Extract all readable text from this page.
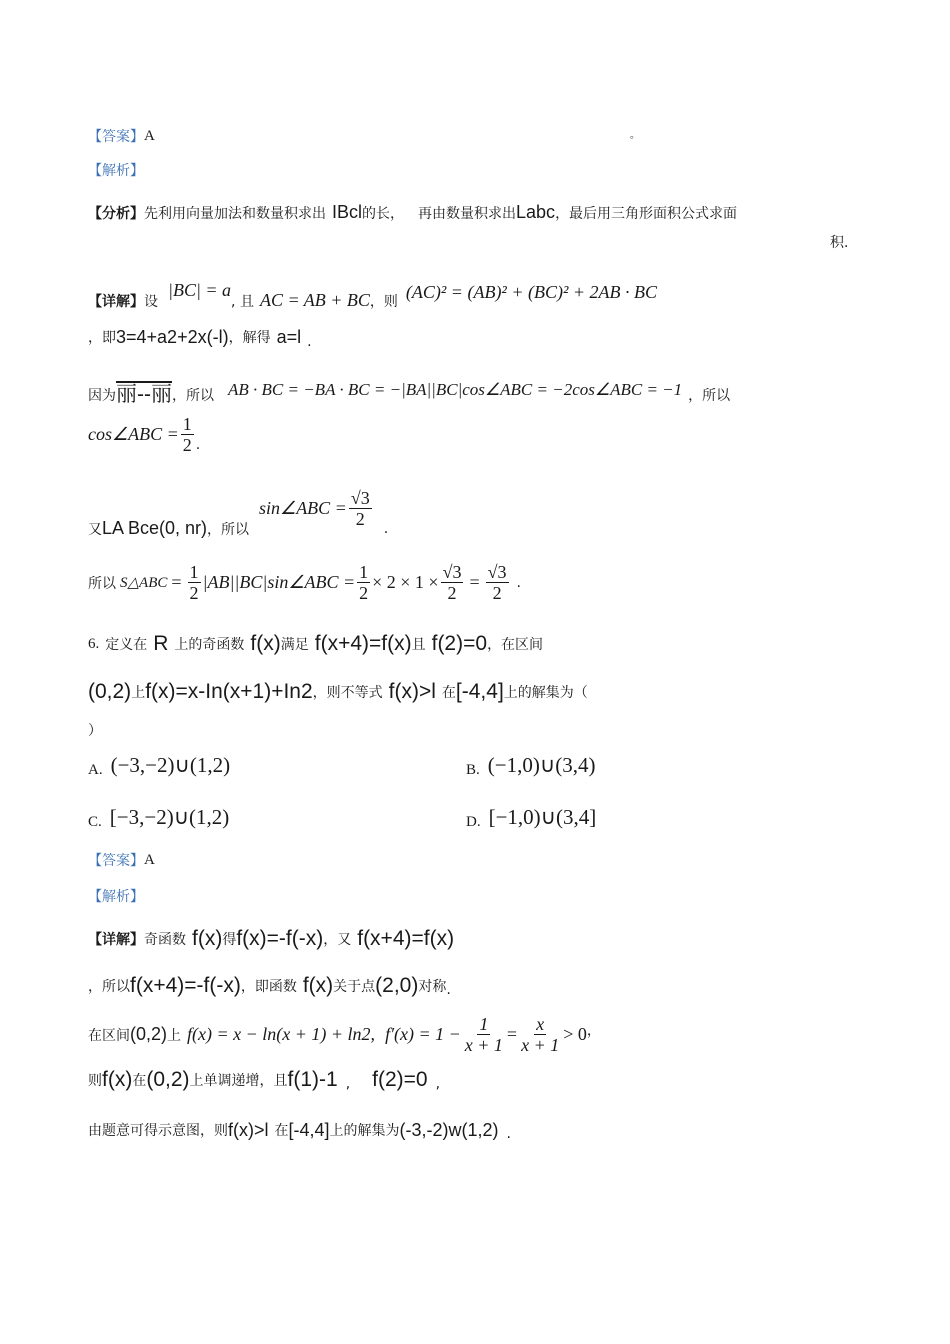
【答案】 A	。
【解析】
【分析】 先利用向量加法和数量积求出 IBcl 的长， 再由数量积求出 Labc ，最后用三角形面积公式求面
积.
【详解】 设
|BC| = a
, 且 AC = AB + BC ，则 (AC)² = (AB)² + (BC)² + 2AB · BC
，即 3=4+a2+2x(-l) ，解得 a=l .
因为 丽--丽 ，所以 AB · BC = −BA · BC = −|BA||BC|cos∠ABC = −2cos∠ABC = −1 ，所以
cos∠ABC = $\frac{1}{2}$ .
又 LA Bce(0, nr) ，所以
sin∠ABC = $\frac{√3}{2}$ .
所以 S△ABC = $\frac{1}{2}$ |AB||BC|sin∠ABC = $\frac{1}{2} \times 2 \times 1 \times \frac{√3}{2} = \frac{√3}{2}$ .
6. 定义在 R 上的奇函数 f(x) 满足 f(x+4)=f(x) 且 f(2)=0 ，在区间
(0,2) 上 f(x)=x-In(x+1)+In2 ，则不等式 f(x)>l 在 [-4,4] 上的解集为（
）
A. (−3,−2)∪(1,2)	B. (−1,0)∪(3,4)
C. [−3,−2)∪(1,2)	D. [−1,0)∪(3,4]
【答案】 A
【解析】
【详解】 奇函数 f(x) 得 f(x)=-f(-x) ，又 f(x+4)=f(x)
，所以 f(x+4)=-f(-x) ，即函数 f(x) 关于点 (2,0) 对称 .
在区间 (0,2) 上 f(x) = x − ln(x + 1) + ln2, $f'(x) = 1 - \frac{1}{x + 1} = \frac{x}{x + 1} > 0$ ，
则 f(x) 在 (0,2) 上单调递增，且 f(1)-1 , f(2)=0 ,
由题意可得示意图，则 f(x)>l 在 [-4,4] 上的解集为 (-3,-2)w(1,2) .
